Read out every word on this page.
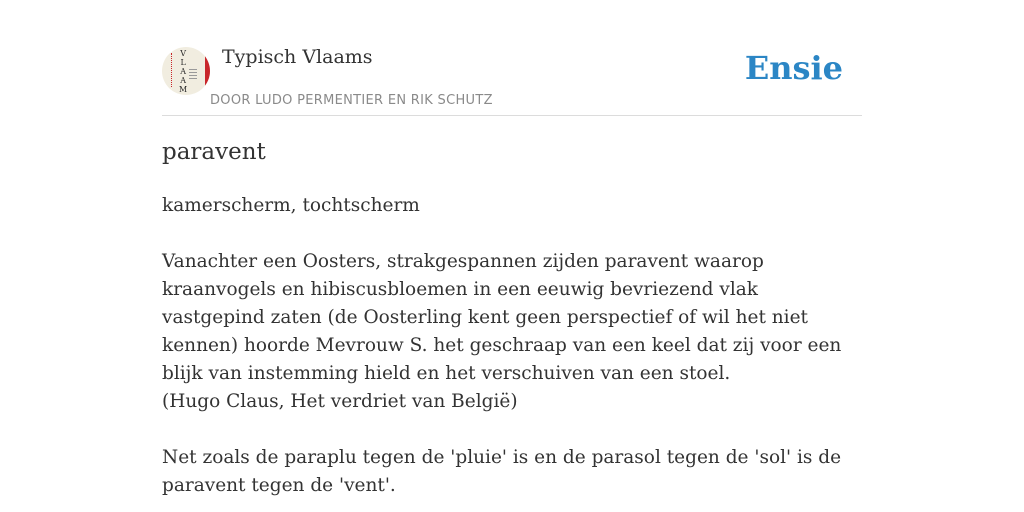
V
L
A
A
M
Typisch Vlaams
DOOR LUDO PERMENTIER EN RIK SCHUTZ
Ensie
paravent

kamerscherm, tochtscherm

Vanachter een Oosters, strakgespannen zijden paravent waarop kraanvogels en hibiscusbloemen in een eeuwig bevriezend vlak vastgepind zaten (de Oosterling kent geen perspectief of wil het niet kennen) hoorde Mevrouw S. het geschraap van een keel dat zij voor een blijk van instemming hield en het verschuiven van een stoel.

(Hugo Claus, Het verdriet van België)

Net zoals de paraplu tegen de 'pluie' is en de parasol tegen de 'sol' is de paravent tegen de 'vent'.
